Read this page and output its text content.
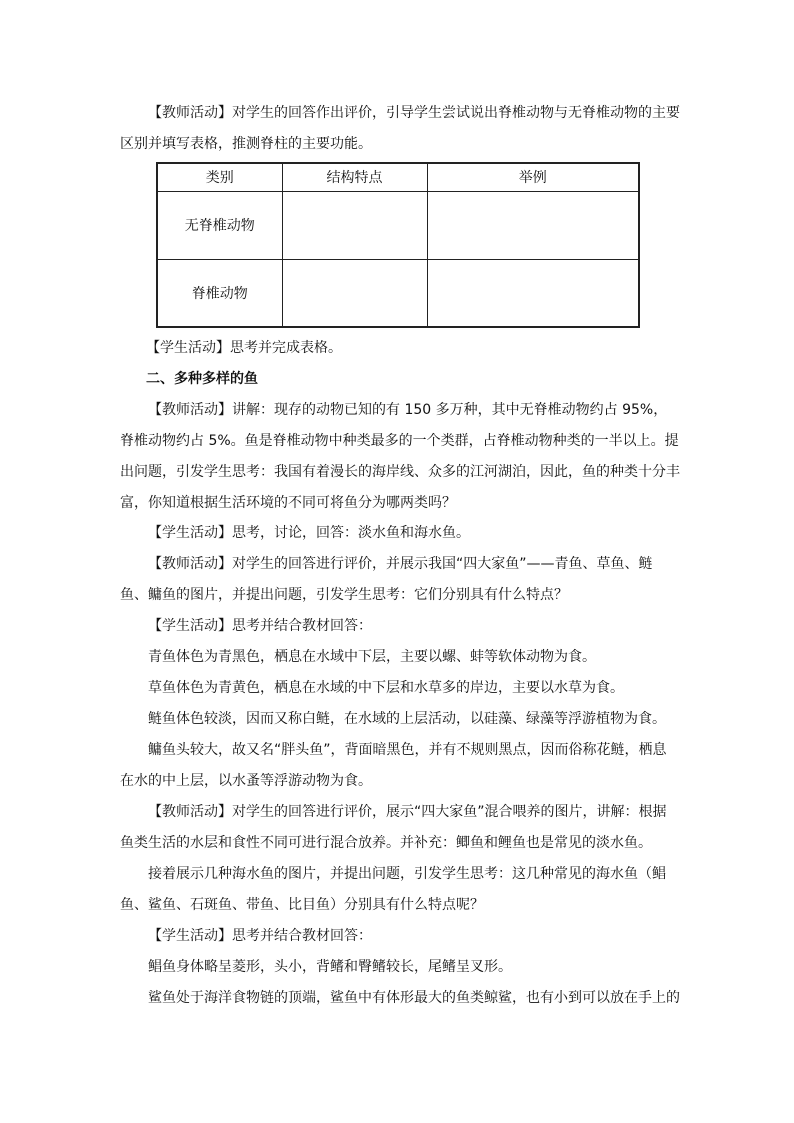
【教师活动】对学生的回答作出评价，引导学生尝试说出脊椎动物与无脊椎动物的主要区别并填写表格，推测脊柱的主要功能。

类别	结构特点	举例
无脊椎动物		
脊椎动物		

【学生活动】思考并完成表格。

二、多种多样的鱼

【教师活动】讲解：现存的动物已知的有 150 多万种，其中无脊椎动物约占 95%，脊椎动物约占 5%。鱼是脊椎动物中种类最多的一个类群，占脊椎动物种类的一半以上。提出问题，引发学生思考：我国有着漫长的海岸线、众多的江河湖泊，因此，鱼的种类十分丰富，你知道根据生活环境的不同可将鱼分为哪两类吗？

【学生活动】思考，讨论，回答：淡水鱼和海水鱼。

【教师活动】对学生的回答进行评价，并展示我国“四大家鱼”——青鱼、草鱼、鲢鱼、鳙鱼的图片，并提出问题，引发学生思考：它们分别具有什么特点？

【学生活动】思考并结合教材回答：

青鱼体色为青黑色，栖息在水域中下层，主要以螺、蚌等软体动物为食。

草鱼体色为青黄色，栖息在水域的中下层和水草多的岸边，主要以水草为食。

鲢鱼体色较淡，因而又称白鲢，在水域的上层活动，以硅藻、绿藻等浮游植物为食。

鳙鱼头较大，故又名“胖头鱼”，背面暗黑色，并有不规则黑点，因而俗称花鲢，栖息在水的中上层，以水蚤等浮游动物为食。

【教师活动】对学生的回答进行评价，展示“四大家鱼”混合喂养的图片，讲解：根据鱼类生活的水层和食性不同可进行混合放养。并补充：鲫鱼和鲤鱼也是常见的淡水鱼。

接着展示几种海水鱼的图片，并提出问题，引发学生思考：这几种常见的海水鱼（鲳鱼、鲨鱼、石斑鱼、带鱼、比目鱼）分别具有什么特点呢？

【学生活动】思考并结合教材回答：

鲳鱼身体略呈菱形，头小，背鳍和臀鳍较长，尾鳍呈叉形。

鲨鱼处于海洋食物链的顶端，鲨鱼中有体形最大的鱼类鲸鲨，也有小到可以放在手上的
